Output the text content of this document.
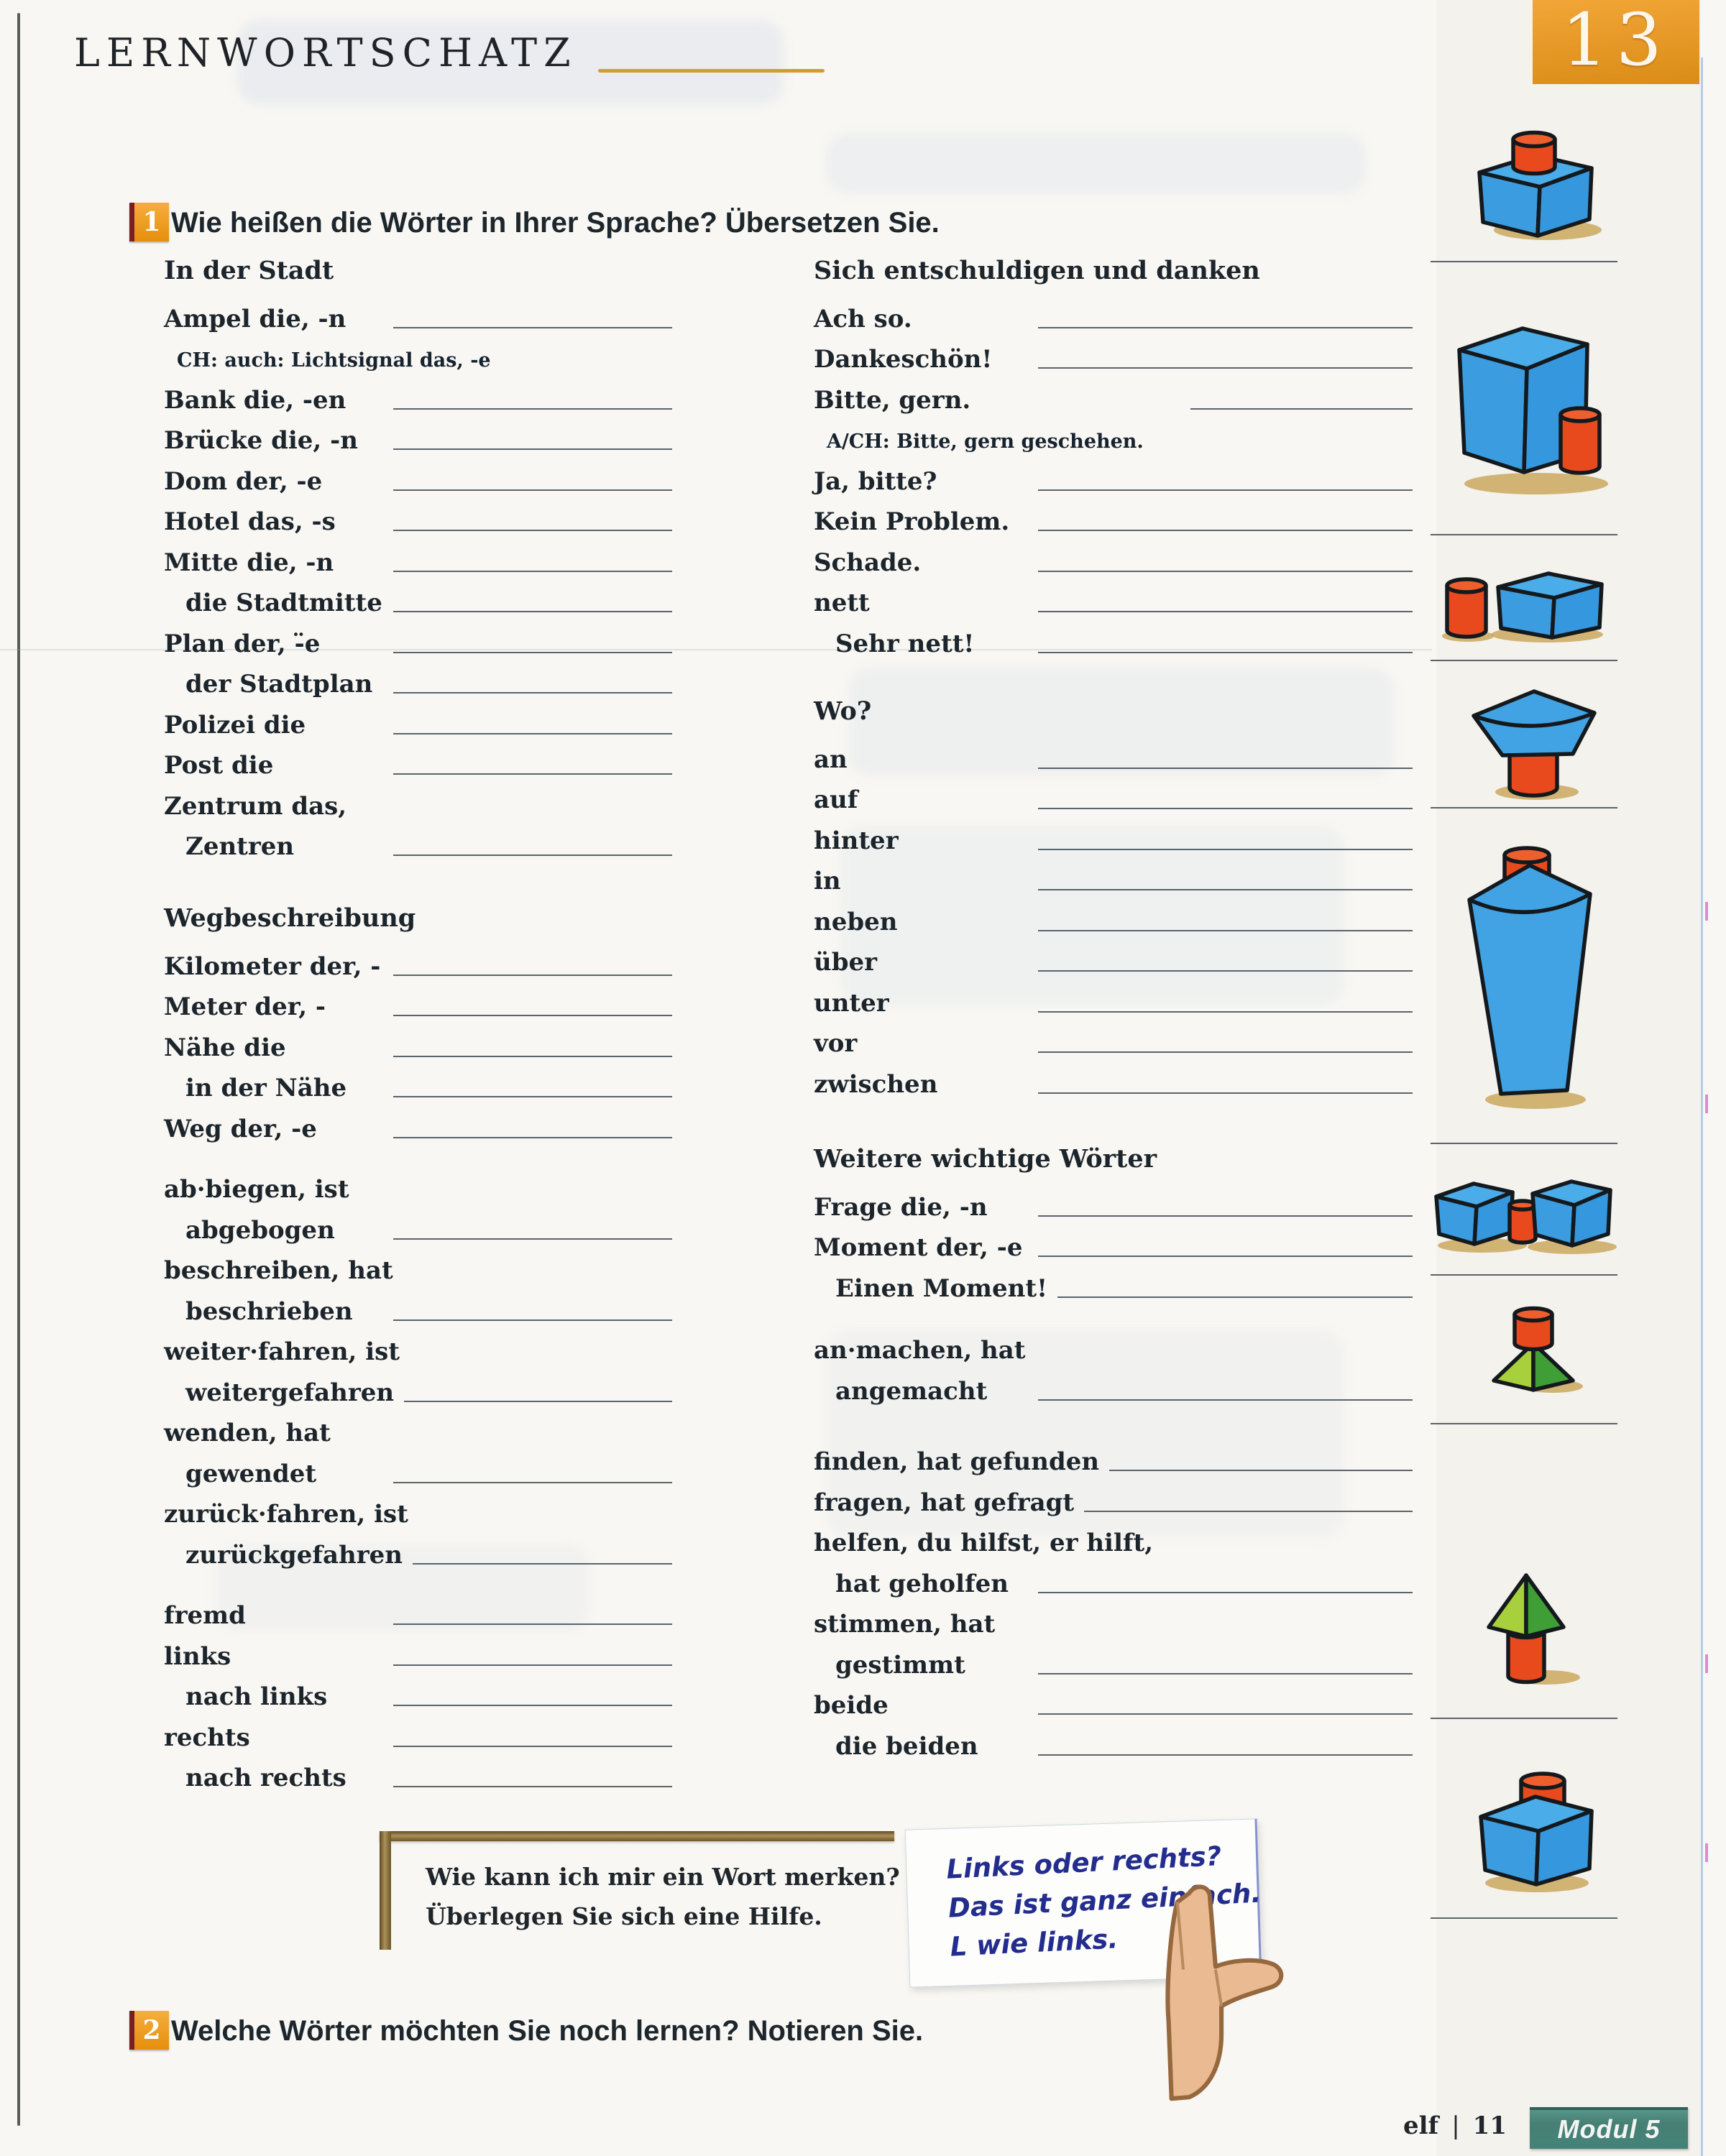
13
LERNWORTSCHATZ
1 Wie heißen die Wörter in Ihrer Sprache? Übersetzen Sie.
In der Stadt
Ampel die, -n
CH: auch: Lichtsignal das, -e
Bank die, -en
Brücke die, -n
Dom der, -e
Hotel das, -s
Mitte die, -n
die Stadtmitte
Plan der, -̈e
der Stadtplan
Polizei die
Post die
Zentrum das,
Zentren
Wegbeschreibung
Kilometer der, -
Meter der, -
Nähe die
in der Nähe
Weg der, -e
ab·biegen, ist
abgebogen
beschreiben, hat
beschrieben
weiter·fahren, ist
weitergefahren
wenden, hat
gewendet
zurück·fahren, ist
zurückgefahren
fremd
links
nach links
rechts
nach rechts
Sich entschuldigen und danken
Ach so.
Dankeschön!
Bitte, gern.
A/CH: Bitte, gern geschehen.
Ja, bitte?
Kein Problem.
Schade.
nett
Sehr nett!
Wo?
an
auf
hinter
in
neben
über
unter
vor
zwischen
Weitere wichtige Wörter
Frage die, -n
Moment der, -e
Einen Moment!
an·machen, hat
angemacht
finden, hat gefunden
fragen, hat gefragt
helfen, du hilfst, er hilft,
hat geholfen
stimmen, hat
gestimmt
beide
die beiden
Wie kann ich mir ein Wort merken?
Überlegen Sie sich eine Hilfe.
Links oder rechts?
Das ist ganz einfach.
L wie links.
2 Welche Wörter möchten Sie noch lernen? Notieren Sie.
elf | 11	Modul 5
